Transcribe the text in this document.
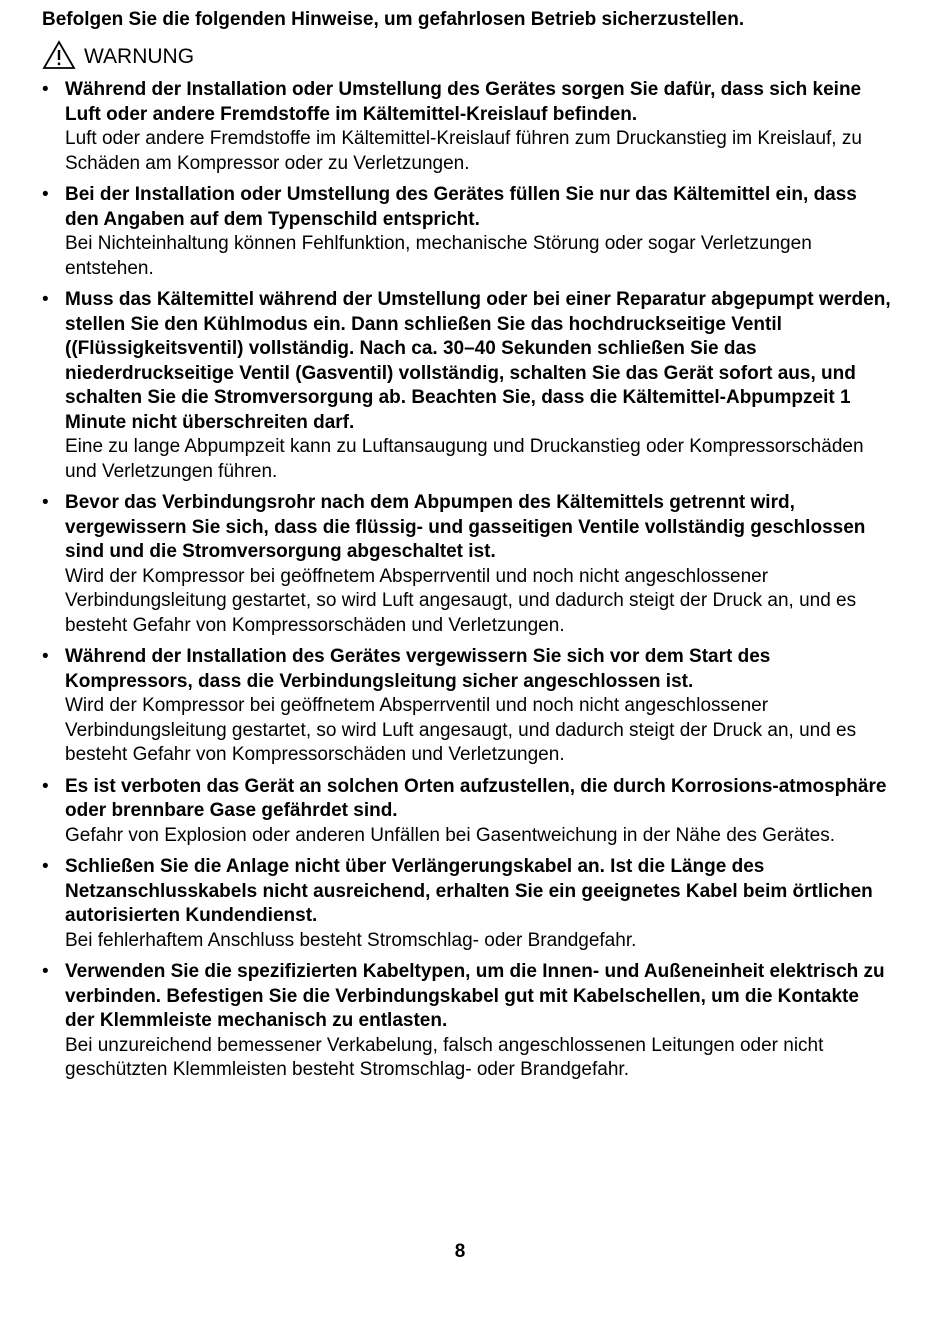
Befolgen Sie die folgenden Hinweise, um gefahrlosen Betrieb sicherzustellen.

WARNUNG
• Während der Installation oder Umstellung des Gerätes sorgen Sie dafür, dass sich keine Luft oder andere Fremdstoffe im Kältemittel-Kreislauf befinden.

Luft oder andere Fremdstoffe im Kältemittel-Kreislauf führen zum Druckanstieg im Kreislauf, zu Schäden am Kompressor oder zu Verletzungen.

• Bei der Installation oder Umstellung des Gerätes füllen Sie nur das Kältemittel ein, dass den Angaben auf dem Typenschild entspricht.

Bei Nichteinhaltung können Fehlfunktion, mechanische Störung oder sogar Verletzungen entstehen.

• Muss das Kältemittel während der Umstellung oder bei einer Reparatur abgepumpt werden, stellen Sie den Kühlmodus ein. Dann schließen Sie das hochdruckseitige Ventil ((Flüssigkeitsventil) vollständig. Nach ca. 30–40 Sekunden schließen Sie das niederdruckseitige Ventil (Gasventil) vollständig, schalten Sie das Gerät sofort aus, und schalten Sie die Stromversorgung ab. Beachten Sie, dass die Kältemittel-Abpumpzeit 1 Minute nicht überschreiten darf.

Eine zu lange Abpumpzeit kann zu Luftansaugung und Druckanstieg oder Kompressorschäden und Verletzungen führen.

• Bevor das Verbindungsrohr nach dem Abpumpen des Kältemittels getrennt wird, vergewissern Sie sich, dass die flüssig- und gasseitigen Ventile vollständig geschlossen sind und die Stromversorgung abgeschaltet ist.

Wird der Kompressor bei geöffnetem Absperrventil und noch nicht angeschlossener Verbindungsleitung gestartet, so wird Luft angesaugt, und dadurch steigt der Druck an, und es besteht Gefahr von Kompressorschäden und Verletzungen.

• Während der Installation des Gerätes vergewissern Sie sich vor dem Start des Kompressors, dass die Verbindungsleitung sicher angeschlossen ist.

Wird der Kompressor bei geöffnetem Absperrventil und noch nicht angeschlossener Verbindungsleitung gestartet, so wird Luft angesaugt, und dadurch steigt der Druck an, und es besteht Gefahr von Kompressorschäden und Verletzungen.

• Es ist verboten das Gerät an solchen Orten aufzustellen, die durch Korrosions-atmosphäre oder brennbare Gase gefährdet sind.

Gefahr von Explosion oder anderen Unfällen bei Gasentweichung in der Nähe des Gerätes.

• Schließen Sie die Anlage nicht über Verlängerungskabel an. Ist die Länge des Netzanschlusskabels nicht ausreichend, erhalten Sie ein geeignetes Kabel beim örtlichen autorisierten Kundendienst.

Bei fehlerhaftem Anschluss besteht Stromschlag- oder Brandgefahr.

• Verwenden Sie die spezifizierten Kabeltypen, um die Innen- und Außeneinheit elektrisch zu verbinden. Befestigen Sie die Verbindungskabel gut mit Kabelschellen, um die Kontakte der Klemmleiste mechanisch zu entlasten.

Bei unzureichend bemessener Verkabelung, falsch angeschlossenen Leitungen oder nicht geschützten Klemmleisten besteht Stromschlag- oder Brandgefahr.

8
